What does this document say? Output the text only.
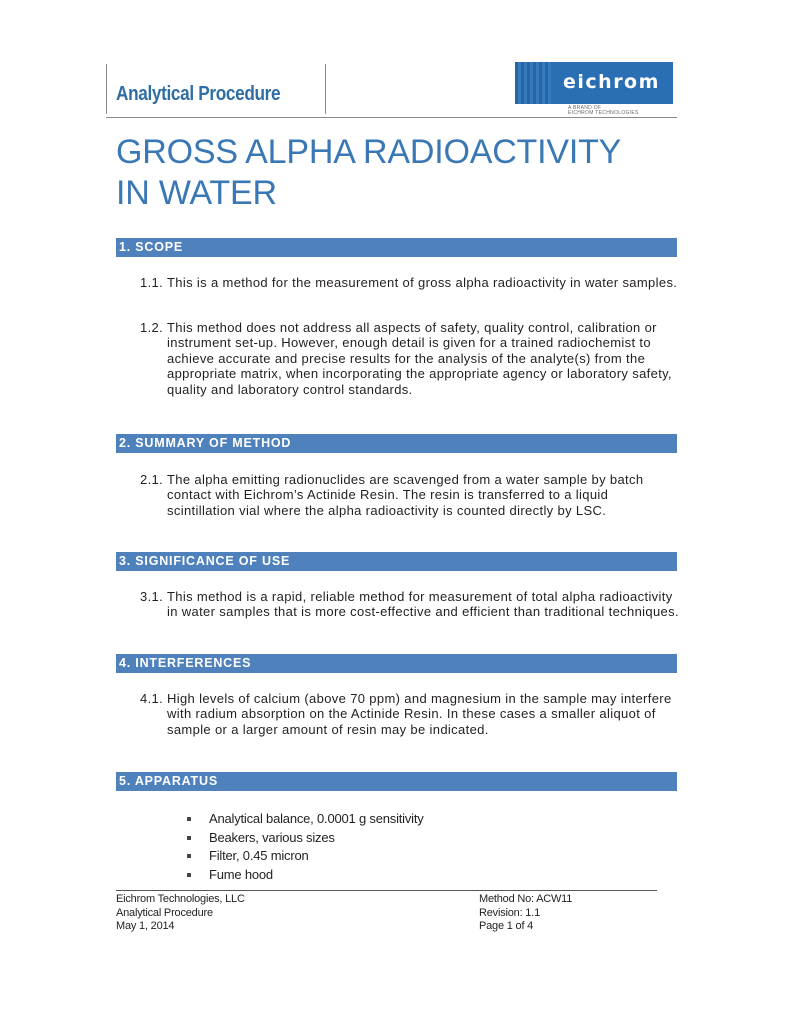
Analytical Procedure
eichrom
A BRAND OF
EICHROM TECHNOLOGIES
GROSS ALPHA RADIOACTIVITY
IN WATER
1. SCOPE
1.1. This is a method for the measurement of gross alpha radioactivity in water samples.
1.2. This method does not address all aspects of safety, quality control, calibration or instrument set-up. However, enough detail is given for a trained radiochemist to achieve accurate and precise results for the analysis of the analyte(s) from the appropriate matrix, when incorporating the appropriate agency or laboratory safety, quality and laboratory control standards.
2. SUMMARY OF METHOD
2.1. The alpha emitting radionuclides are scavenged from a water sample by batch contact with Eichrom’s Actinide Resin. The resin is transferred to a liquid scintillation vial where the alpha radioactivity is counted directly by LSC.
3. SIGNIFICANCE OF USE
3.1. This method is a rapid, reliable method for measurement of total alpha radioactivity in water samples that is more cost-effective and efficient than traditional techniques.
4. INTERFERENCES
4.1. High levels of calcium (above 70 ppm) and magnesium in the sample may interfere with radium absorption on the Actinide Resin. In these cases a smaller aliquot of sample or a larger amount of resin may be indicated.
5. APPARATUS
Analytical balance, 0.0001 g sensitivity
Beakers, various sizes
Filter, 0.45 micron
Fume hood
Eichrom Technologies, LLC
Analytical Procedure
May 1, 2014
Method No: ACW11
Revision: 1.1
Page 1 of 4
